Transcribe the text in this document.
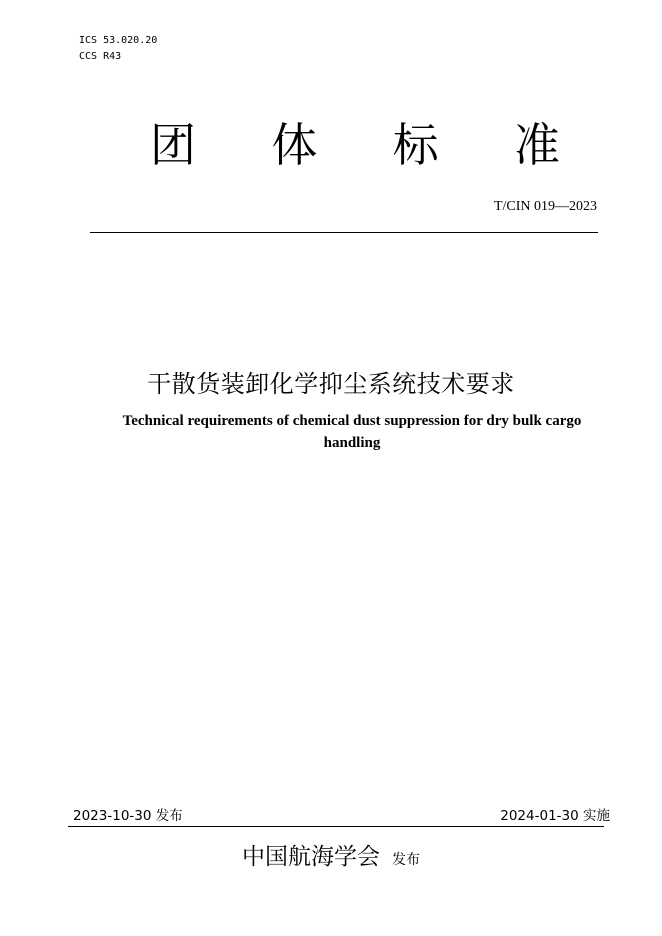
ICS 53.020.20
CCS R43
团 体 标 准
T/CIN 019—2023
干散货装卸化学抑尘系统技术要求
Technical requirements of chemical dust suppression for dry bulk cargo handling
2023-10-30 发布	2024-01-30 实施
中国航海学会 发布
